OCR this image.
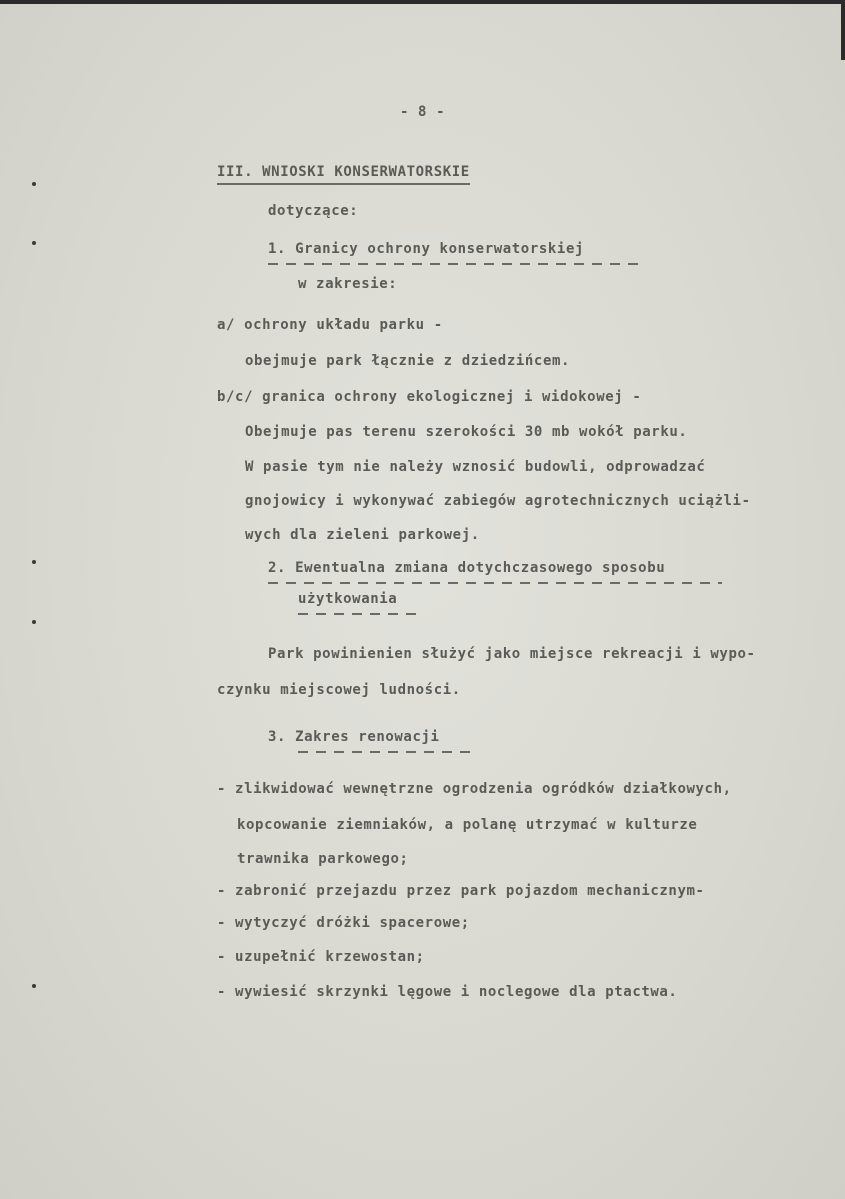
- 8 -
III. WNIOSKI KONSERWATORSKIE
dotyczące:
1. Granicy ochrony konserwatorskiej
w zakresie:
a/ ochrony układu parku -
obejmuje park łącznie z dziedzińcem.
b/c/ granica ochrony ekologicznej i widokowej -
Obejmuje pas terenu szerokości 30 mb wokół parku.
W pasie tym nie należy wznosić budowli, odprowadzać
gnojowicy i wykonywać zabiegów agrotechnicznych uciążli-
wych dla zieleni parkowej.
2. Ewentualna zmiana dotychczasowego sposobu
użytkowania
Park powinienien służyć jako miejsce rekreacji i wypo-
czynku miejscowej ludności.
3. Zakres renowacji
- zlikwidować wewnętrzne ogrodzenia ogródków działkowych,
kopcowanie ziemniaków, a polanę utrzymać w kulturze
trawnika parkowego;
- zabronić przejazdu przez park pojazdom mechanicznym-
- wytyczyć dróżki spacerowe;
- uzupełnić krzewostan;
- wywiesić skrzynki lęgowe i noclegowe dla ptactwa.
